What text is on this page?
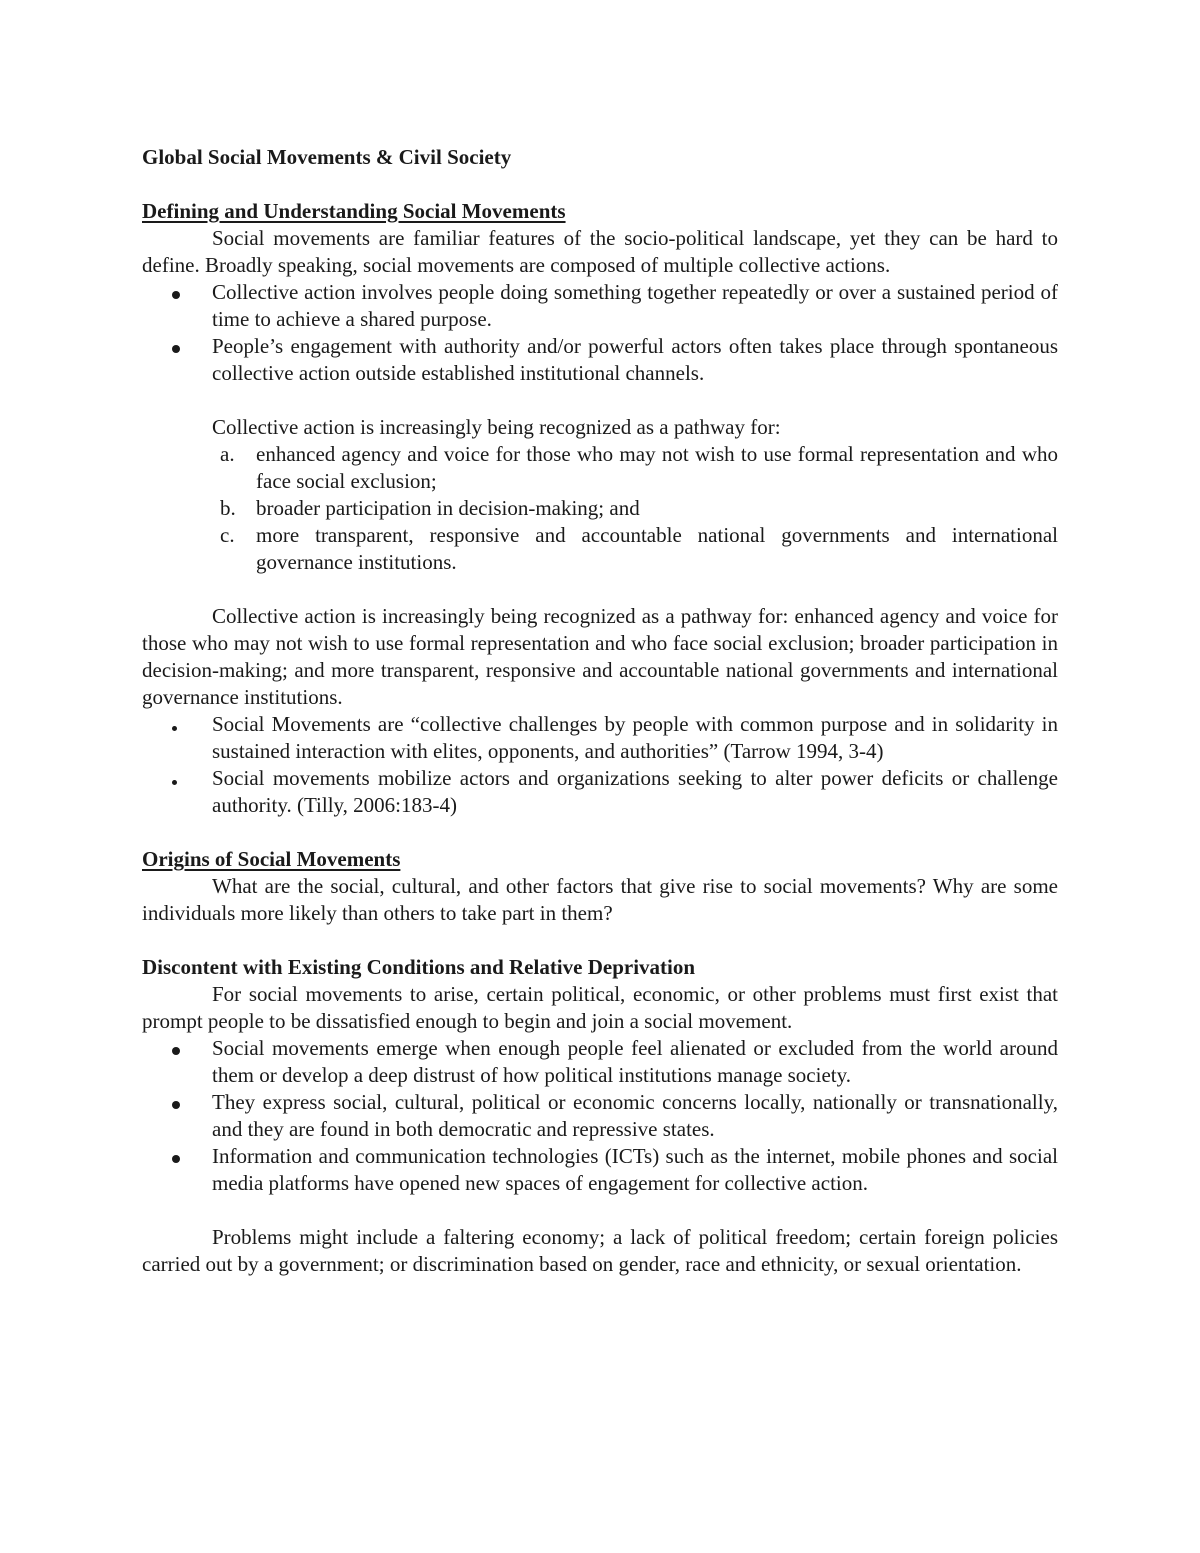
Global Social Movements & Civil Society

Defining and Understanding Social Movements

Social movements are familiar features of the socio-political landscape, yet they can be hard to define. Broadly speaking, social movements are composed of multiple collective actions.

Collective action involves people doing something together repeatedly or over a sustained period of time to achieve a shared purpose.
People’s engagement with authority and/or powerful actors often takes place through spontaneous collective action outside established institutional channels.

Collective action is increasingly being recognized as a pathway for:

a.	enhanced agency and voice for those who may not wish to use formal representation and who face social exclusion;
b. broader participation in decision-making; and
c.	more transparent, responsive and accountable national governments and international governance institutions.

Collective action is increasingly being recognized as a pathway for: enhanced agency and voice for those who may not wish to use formal representation and who face social exclusion; broader participation in decision-making; and more transparent, responsive and accountable national governments and international governance institutions.

Social Movements are “collective challenges by people with common purpose and in solidarity in sustained interaction with elites, opponents, and authorities” (Tarrow 1994, 3-4)
Social movements mobilize actors and organizations seeking to alter power deficits or challenge authority. (Tilly, 2006:183-4)

Origins of Social Movements

What are the social, cultural, and other factors that give rise to social movements? Why are some individuals more likely than others to take part in them?

Discontent with Existing Conditions and Relative Deprivation

For social movements to arise, certain political, economic, or other problems must first exist that prompt people to be dissatisfied enough to begin and join a social movement.

Social movements emerge when enough people feel alienated or excluded from the world around them or develop a deep distrust of how political institutions manage society.
They express social, cultural, political or economic concerns locally, nationally or transnationally, and they are found in both democratic and repressive states.
Information and communication technologies (ICTs) such as the internet, mobile phones and social media platforms have opened new spaces of engagement for collective action.

Problems might include a faltering economy; a lack of political freedom; certain foreign policies carried out by a government; or discrimination based on gender, race and ethnicity, or sexual orientation.
